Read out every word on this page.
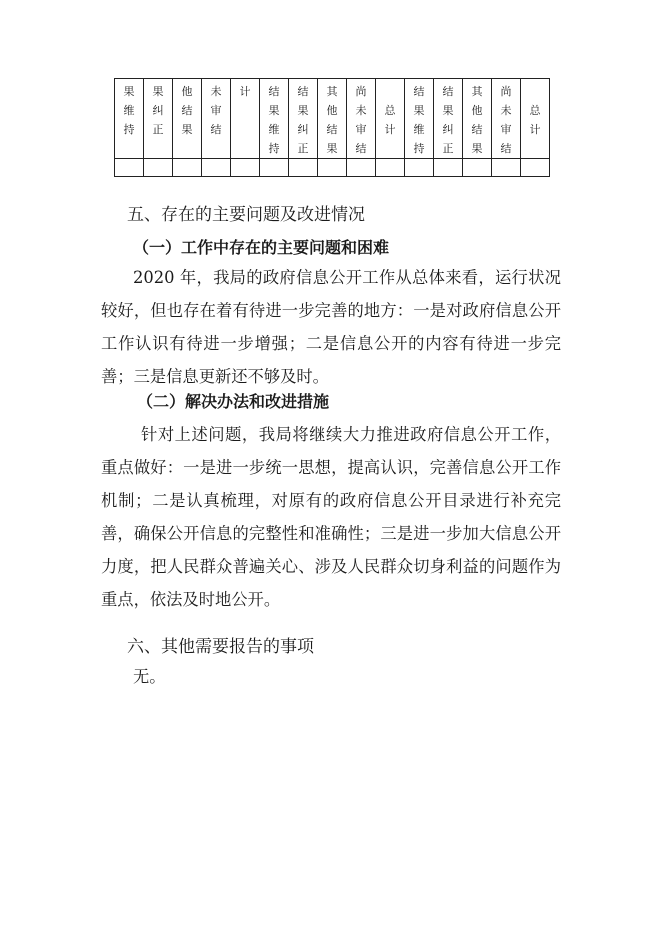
果维持	果纠正	他结果	未审结	计	结果维持	结果纠正	其他结果	尚未审结	总计	结果维持	结果纠正	其他结果	尚未审结	总计

五、存在的主要问题及改进情况
（一）工作中存在的主要问题和困难

2020 年，我局的政府信息公开工作从总体来看，运行状况较好，但也存在着有待进一步完善的地方：一是对政府信息公开工作认识有待进一步增强；二是信息公开的内容有待进一步完善；三是信息更新还不够及时。

（二）解决办法和改进措施

针对上述问题，我局将继续大力推进政府信息公开工作，重点做好：一是进一步统一思想，提高认识，完善信息公开工作机制；二是认真梳理，对原有的政府信息公开目录进行补充完善，确保公开信息的完整性和准确性；三是进一步加大信息公开力度，把人民群众普遍关心、涉及人民群众切身利益的问题作为重点，依法及时地公开。

六、其他需要报告的事项

无。
